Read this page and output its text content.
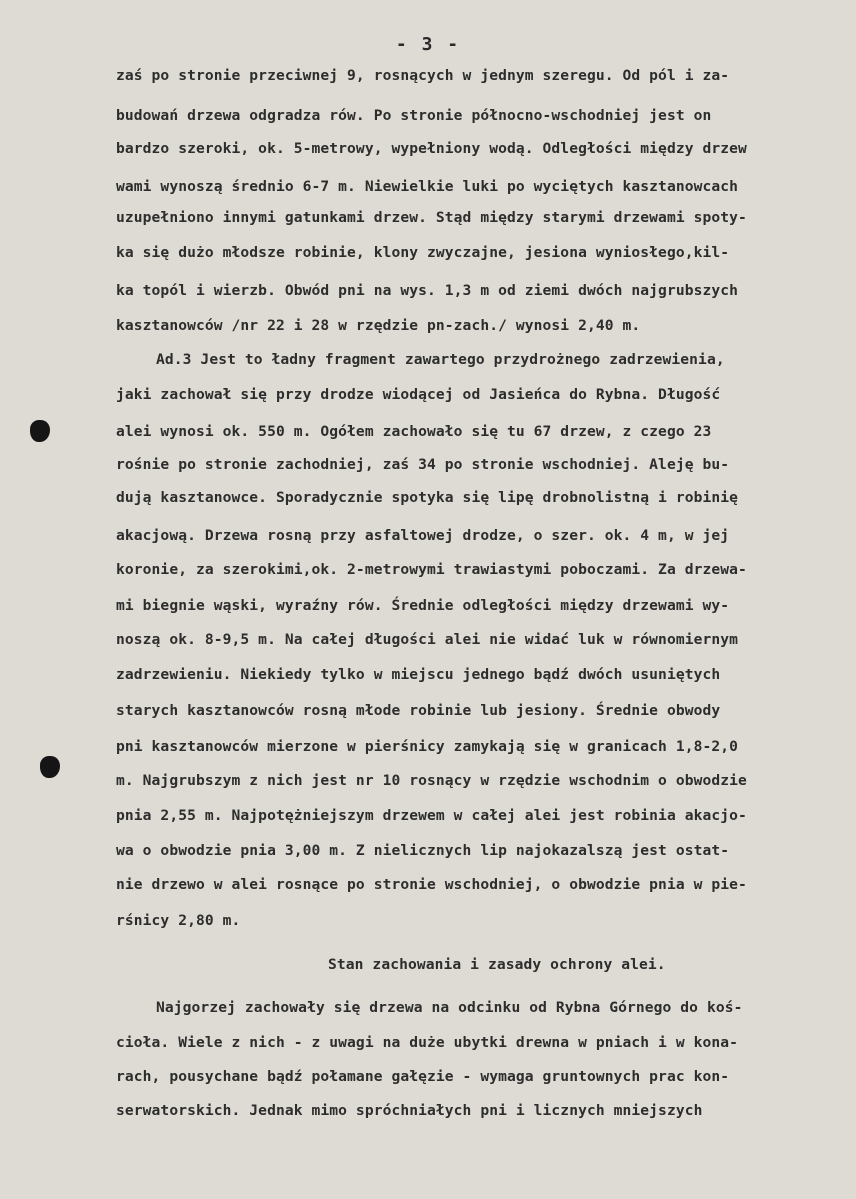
- 3 -
zaś po stronie przeciwnej 9, rosnących w jednym szeregu. Od pól i za-
budowań drzewa odgradza rów. Po stronie północno-wschodniej jest on
bardzo szeroki, ok. 5-metrowy, wypełniony wodą. Odległości między drzew
wami wynoszą średnio 6-7 m. Niewielkie luki po wyciętych kasztanowcach
uzupełniono innymi gatunkami drzew. Stąd między starymi drzewami spoty-
ka się dużo młodsze robinie, klony zwyczajne, jesiona wyniosłego,kil-
ka topól i wierzb. Obwód pni na wys. 1,3 m od ziemi dwóch najgrubszych
kasztanowców /nr 22 i 28 w rzędzie pn-zach./ wynosi 2,40 m.
Ad.3 Jest to ładny fragment zawartego przydrożnego zadrzewienia,
jaki zachował się przy drodze wiodącej od Jasieńca do Rybna. Długość
alei wynosi ok. 550 m. Ogółem zachowało się tu 67 drzew, z czego 23
rośnie po stronie zachodniej, zaś 34 po stronie wschodniej. Aleję bu-
dują kasztanowce. Sporadycznie spotyka się lipę drobnolistną i robinię
akacjową. Drzewa rosną przy asfaltowej drodze, o szer. ok. 4 m, w jej
koronie, za szerokimi,ok. 2-metrowymi trawiastymi poboczami. Za drzewa-
mi biegnie wąski, wyraźny rów. Średnie odległości między drzewami wy-
noszą ok. 8-9,5 m. Na całej długości alei nie widać luk w równomiernym
zadrzewieniu. Niekiedy tylko w miejscu jednego bądź dwóch usuniętych
starych kasztanowców rosną młode robinie lub jesiony. Średnie obwody
pni kasztanowców mierzone w pierśnicy zamykają się w granicach 1,8-2,0
m. Najgrubszym z nich jest nr 10 rosnący w rzędzie wschodnim o obwodzie
pnia 2,55 m. Najpotężniejszym drzewem w całej alei jest robinia akacjo-
wa o obwodzie pnia 3,00 m. Z nielicznych lip najokazalszą jest ostat-
nie drzewo w alei rosnące po stronie wschodniej, o obwodzie pnia w pie-
rśnicy 2,80 m.
Stan zachowania i zasady ochrony alei.
Najgorzej zachowały się drzewa na odcinku od Rybna Górnego do koś-
cioła. Wiele z nich - z uwagi na duże ubytki drewna w pniach i w kona-
rach, pousychane bądź połamane gałęzie - wymaga gruntownych prac kon-
serwatorskich. Jednak mimo spróchniałych pni i licznych mniejszych
